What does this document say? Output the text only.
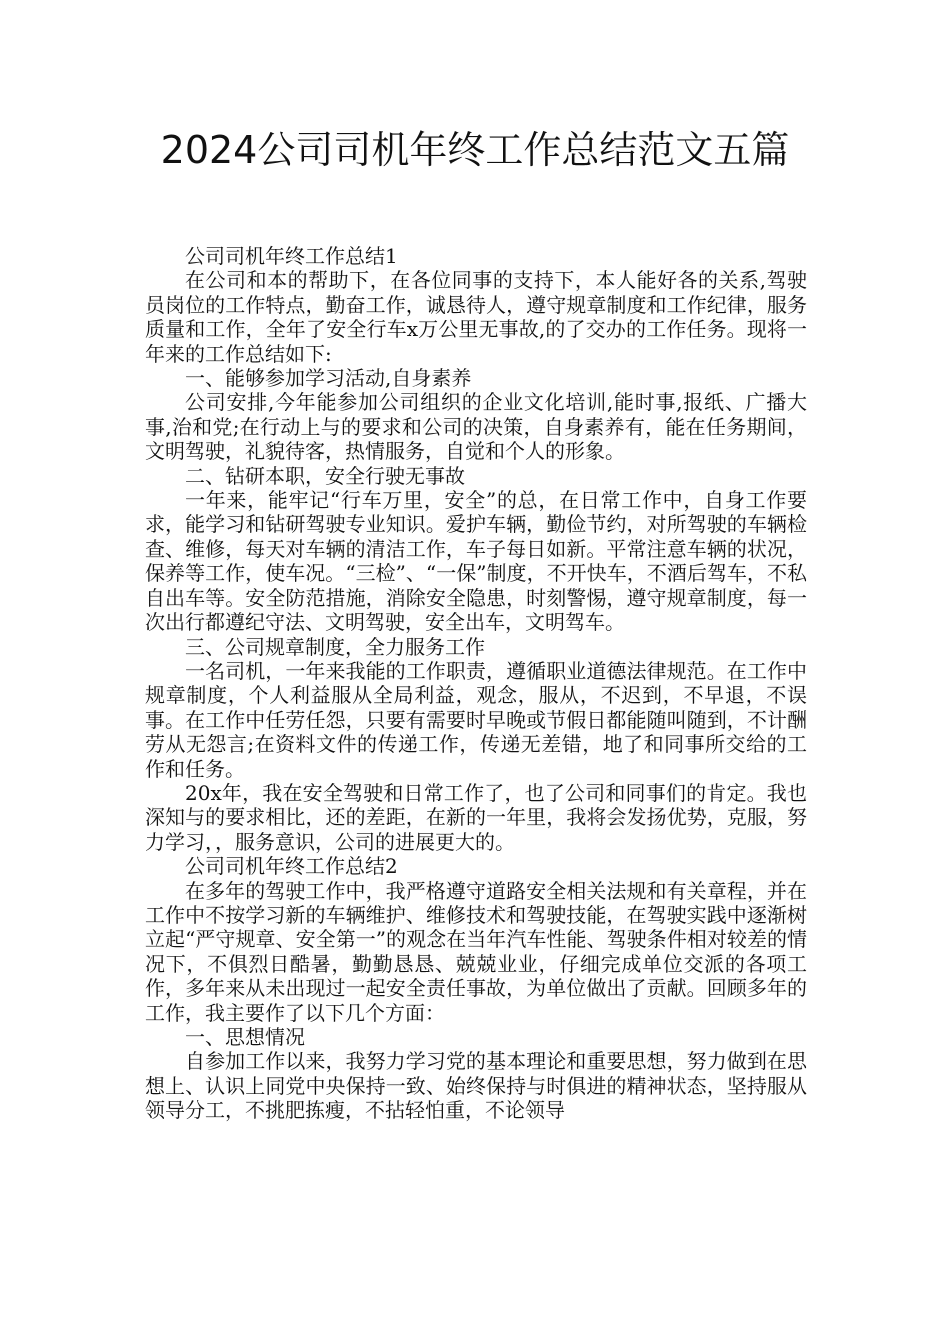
2024公司司机年终工作总结范文五篇

公司司机年终工作总结1

在公司和本的帮助下，在各位同事的支持下，本人能好各的关系,驾驶员岗位的工作特点，勤奋工作，诚恳待人，遵守规章制度和工作纪律，服务质量和工作，全年了安全行车x万公里无事故,的了交办的工作任务。现将一年来的工作总结如下:

一、能够参加学习活动,自身素养

公司安排,今年能参加公司组织的企业文化培训,能时事,报纸、广播大事,治和党;在行动上与的要求和公司的决策，自身素养有，能在任务期间，文明驾驶，礼貌待客，热情服务，自觉和个人的形象。

二、钻研本职，安全行驶无事故

一年来，能牢记“行车万里，安全”的总，在日常工作中，自身工作要求，能学习和钻研驾驶专业知识。爱护车辆，勤俭节约，对所驾驶的车辆检查、维修，每天对车辆的清洁工作，车子每日如新。平常注意车辆的状况，保养等工作，使车况。“三检”、“一保”制度，不开快车，不酒后驾车，不私自出车等。安全防范措施，消除安全隐患，时刻警惕，遵守规章制度，每一次出行都遵纪守法、文明驾驶，安全出车，文明驾车。

三、公司规章制度，全力服务工作

一名司机，一年来我能的工作职责，遵循职业道德法律规范。在工作中规章制度，个人利益服从全局利益，观念，服从，不迟到，不早退，不误事。在工作中任劳任怨，只要有需要时早晚或节假日都能随叫随到，不计酬劳从无怨言;在资料文件的传递工作，传递无差错，地了和同事所交给的工作和任务。

20x年，我在安全驾驶和日常工作了，也了公司和同事们的肯定。我也深知与的要求相比，还的差距，在新的一年里，我将会发扬优势，克服，努力学习，，服务意识，公司的进展更大的。

公司司机年终工作总结2

在多年的驾驶工作中，我严格遵守道路安全相关法规和有关章程，并在工作中不按学习新的车辆维护、维修技术和驾驶技能，在驾驶实践中逐渐树立起“严守规章、安全第一”的观念在当年汽车性能、驾驶条件相对较差的情况下，不俱烈日酷暑，勤勤恳恳、兢兢业业，仔细完成单位交派的各项工作，多年来从未出现过一起安全责任事故，为单位做出了贡献。回顾多年的工作，我主要作了以下几个方面：

一、思想情况

自参加工作以来，我努力学习党的基本理论和重要思想，努力做到在思想上、认识上同党中央保持一致、始终保持与时俱进的精神状态，坚持服从领导分工，不挑肥拣瘦，不拈轻怕重，不论领导
